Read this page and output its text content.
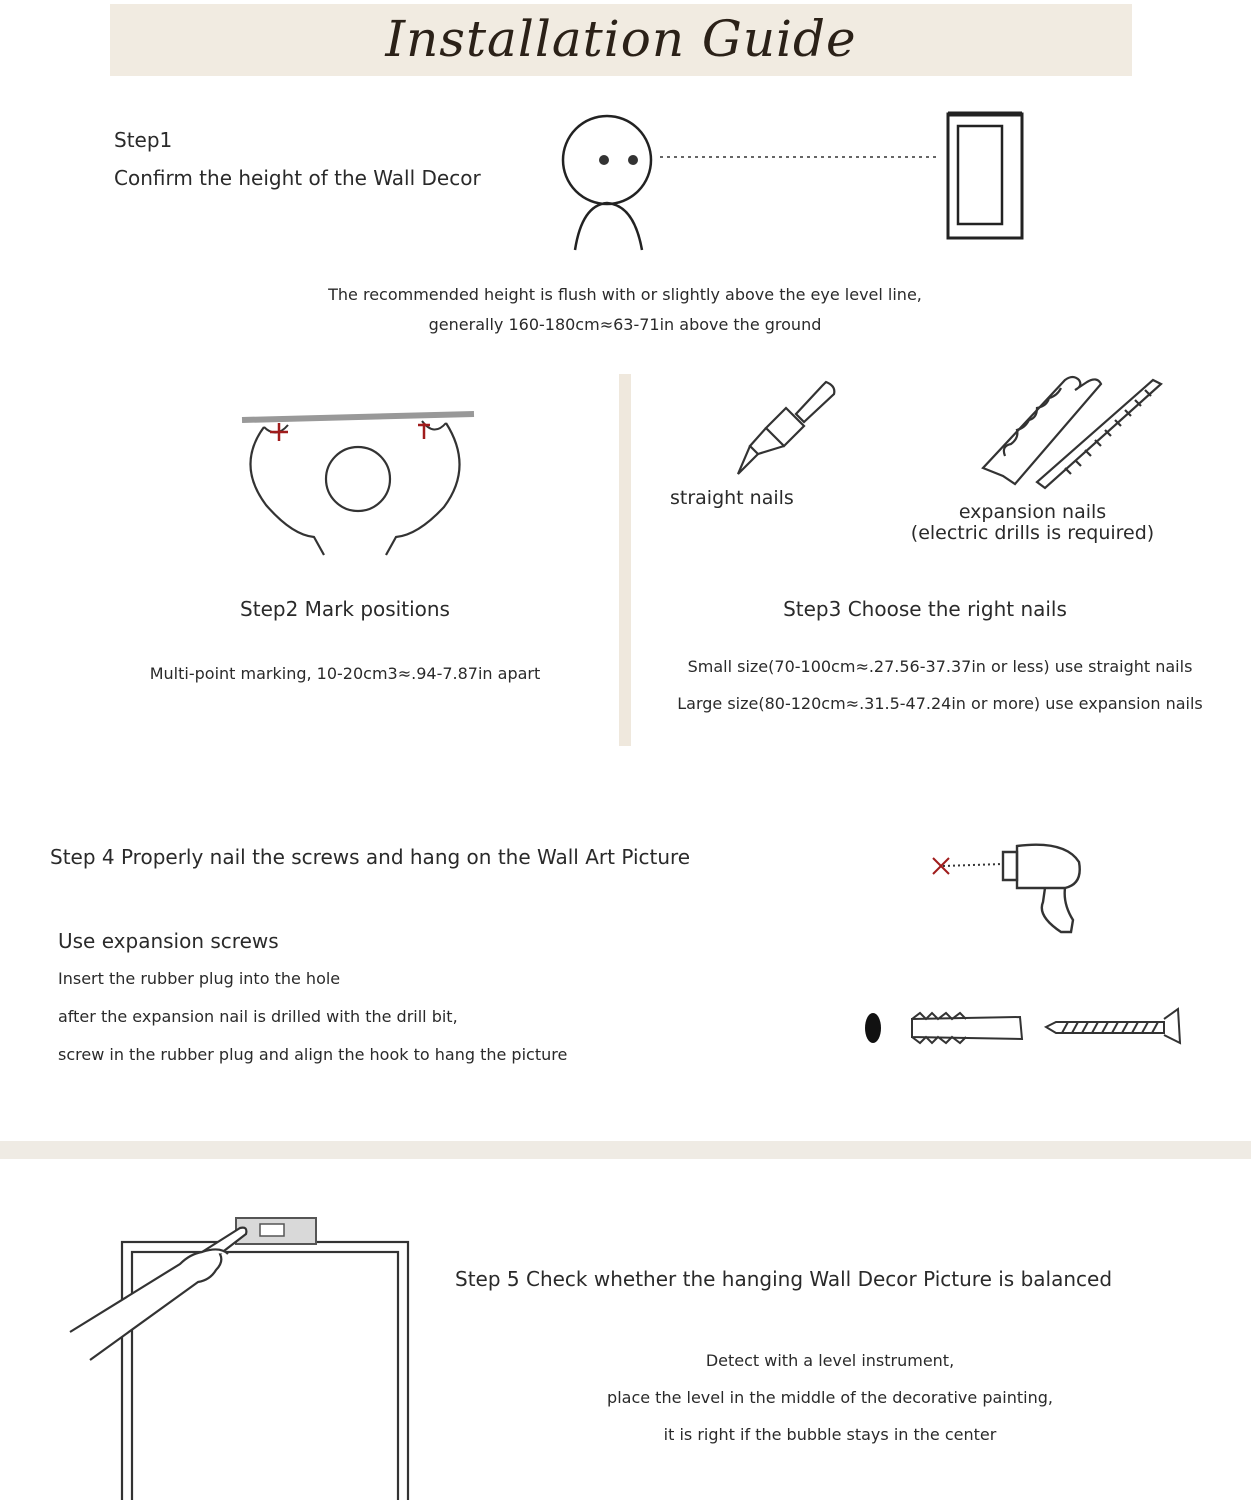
Installation Guide
Step1
Confirm the height of the Wall Decor
The recommended height is flush with or slightly above the eye level line,
generally 160-180cm≈63-71in above the ground
Step2 Mark positions
Multi-point marking, 10-20cm3≈.94-7.87in apart
straight nails
expansion nails
(electric drills is required)
Step3 Choose the right nails
Small size(70-100cm≈.27.56-37.37in or less) use straight nails
Large size(80-120cm≈.31.5-47.24in or more) use expansion nails
Step 4 Properly nail the screws and hang on the Wall Art Picture
Use expansion screws
Insert the rubber plug into the hole
after the expansion nail is drilled with the drill bit,
screw in the rubber plug and align the hook to hang the picture
Step 5 Check whether the hanging Wall Decor Picture is balanced
Detect with a level instrument,
place the level in the middle of the decorative painting,
it is right if the bubble stays in the center
